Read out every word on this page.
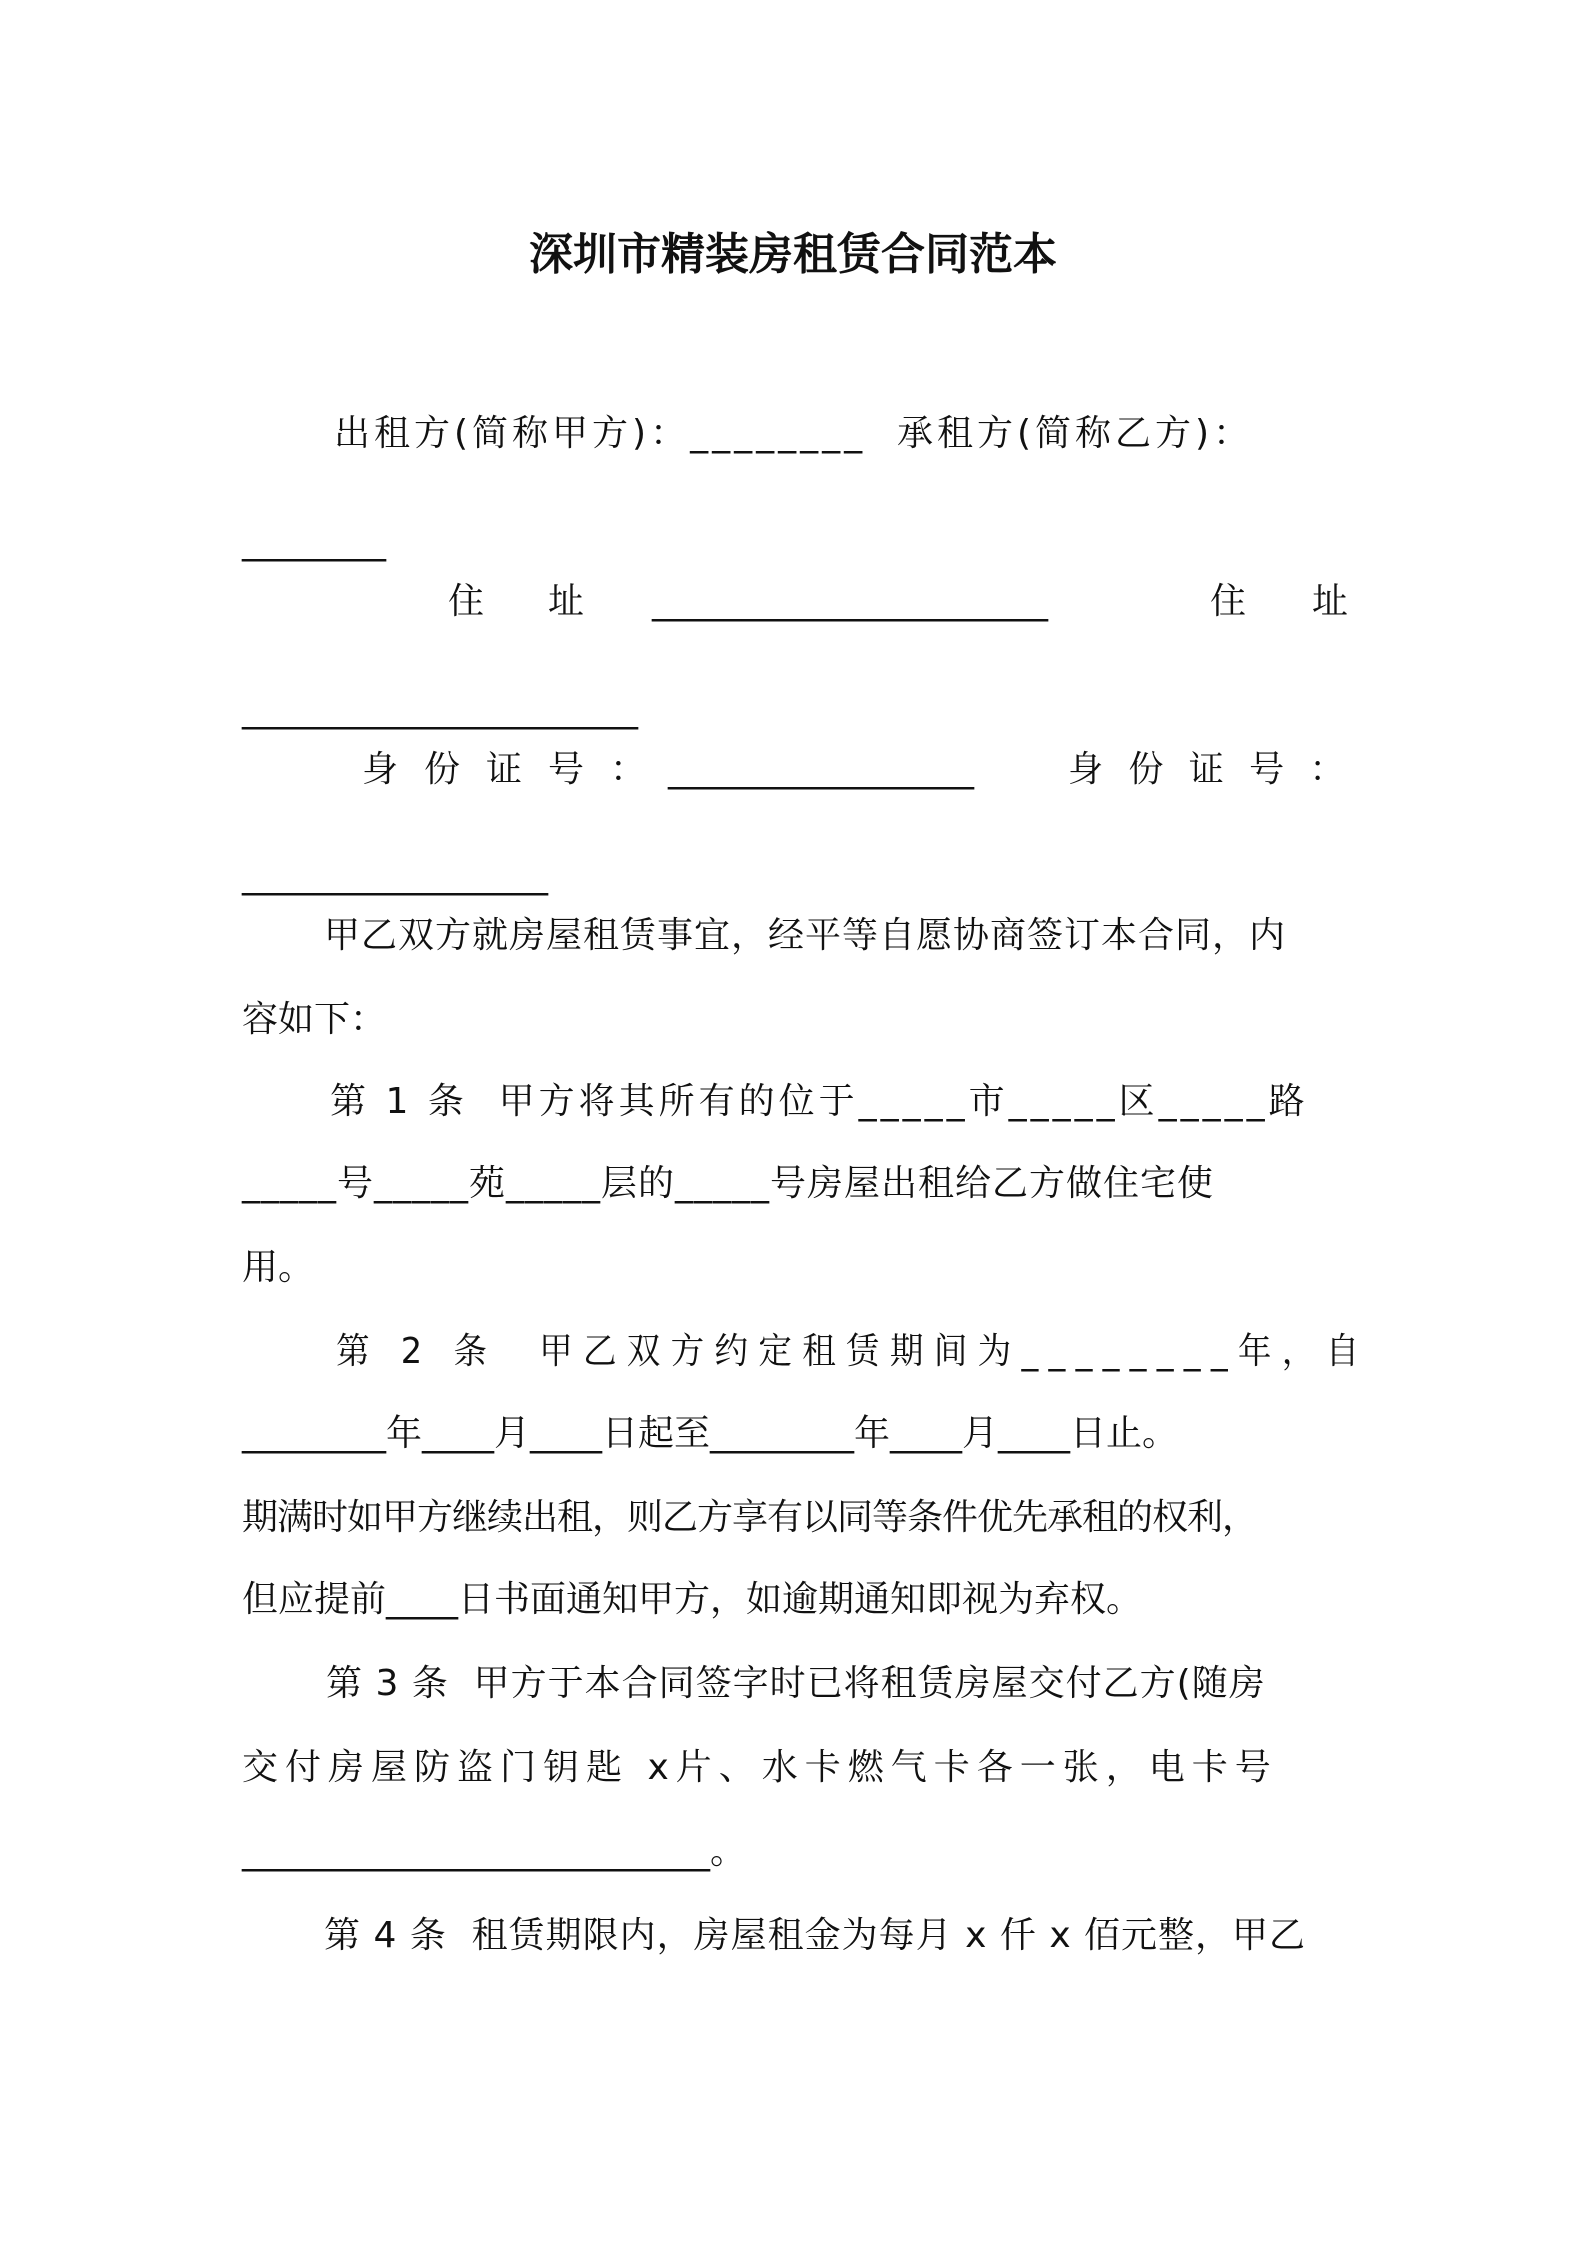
深圳市精装房租赁合同范本
出租方(简称甲方)：________  承租方(简称乙方)：
________
住 址 ______________________	住 址
______________________
身份证号：
_________________	身份证号：
_________________
甲乙双方就房屋租赁事宜，经平等自愿协商签订本合同，内
容如下：
第 1 条  甲方将其所有的位于_____市_____区_____路
_____号_____苑_____层的_____号房屋出租给乙方做住宅使
用。
第 2 条  甲乙双方约定租赁期间为________年，自
________年____月____日起至________年____月____日止。
期满时如甲方继续出租，则乙方享有以同等条件优先承租的权利，
但应提前____日书面通知甲方，如逾期通知即视为弃权。
第 3 条  甲方于本合同签字时已将租赁房屋交付乙方(随房
交付房屋防盗门钥匙 x片、水卡燃气卡各一张，电卡号
__________________________。
第 4 条  租赁期限内，房屋租金为每月 x 仟 x 佰元整，甲乙
